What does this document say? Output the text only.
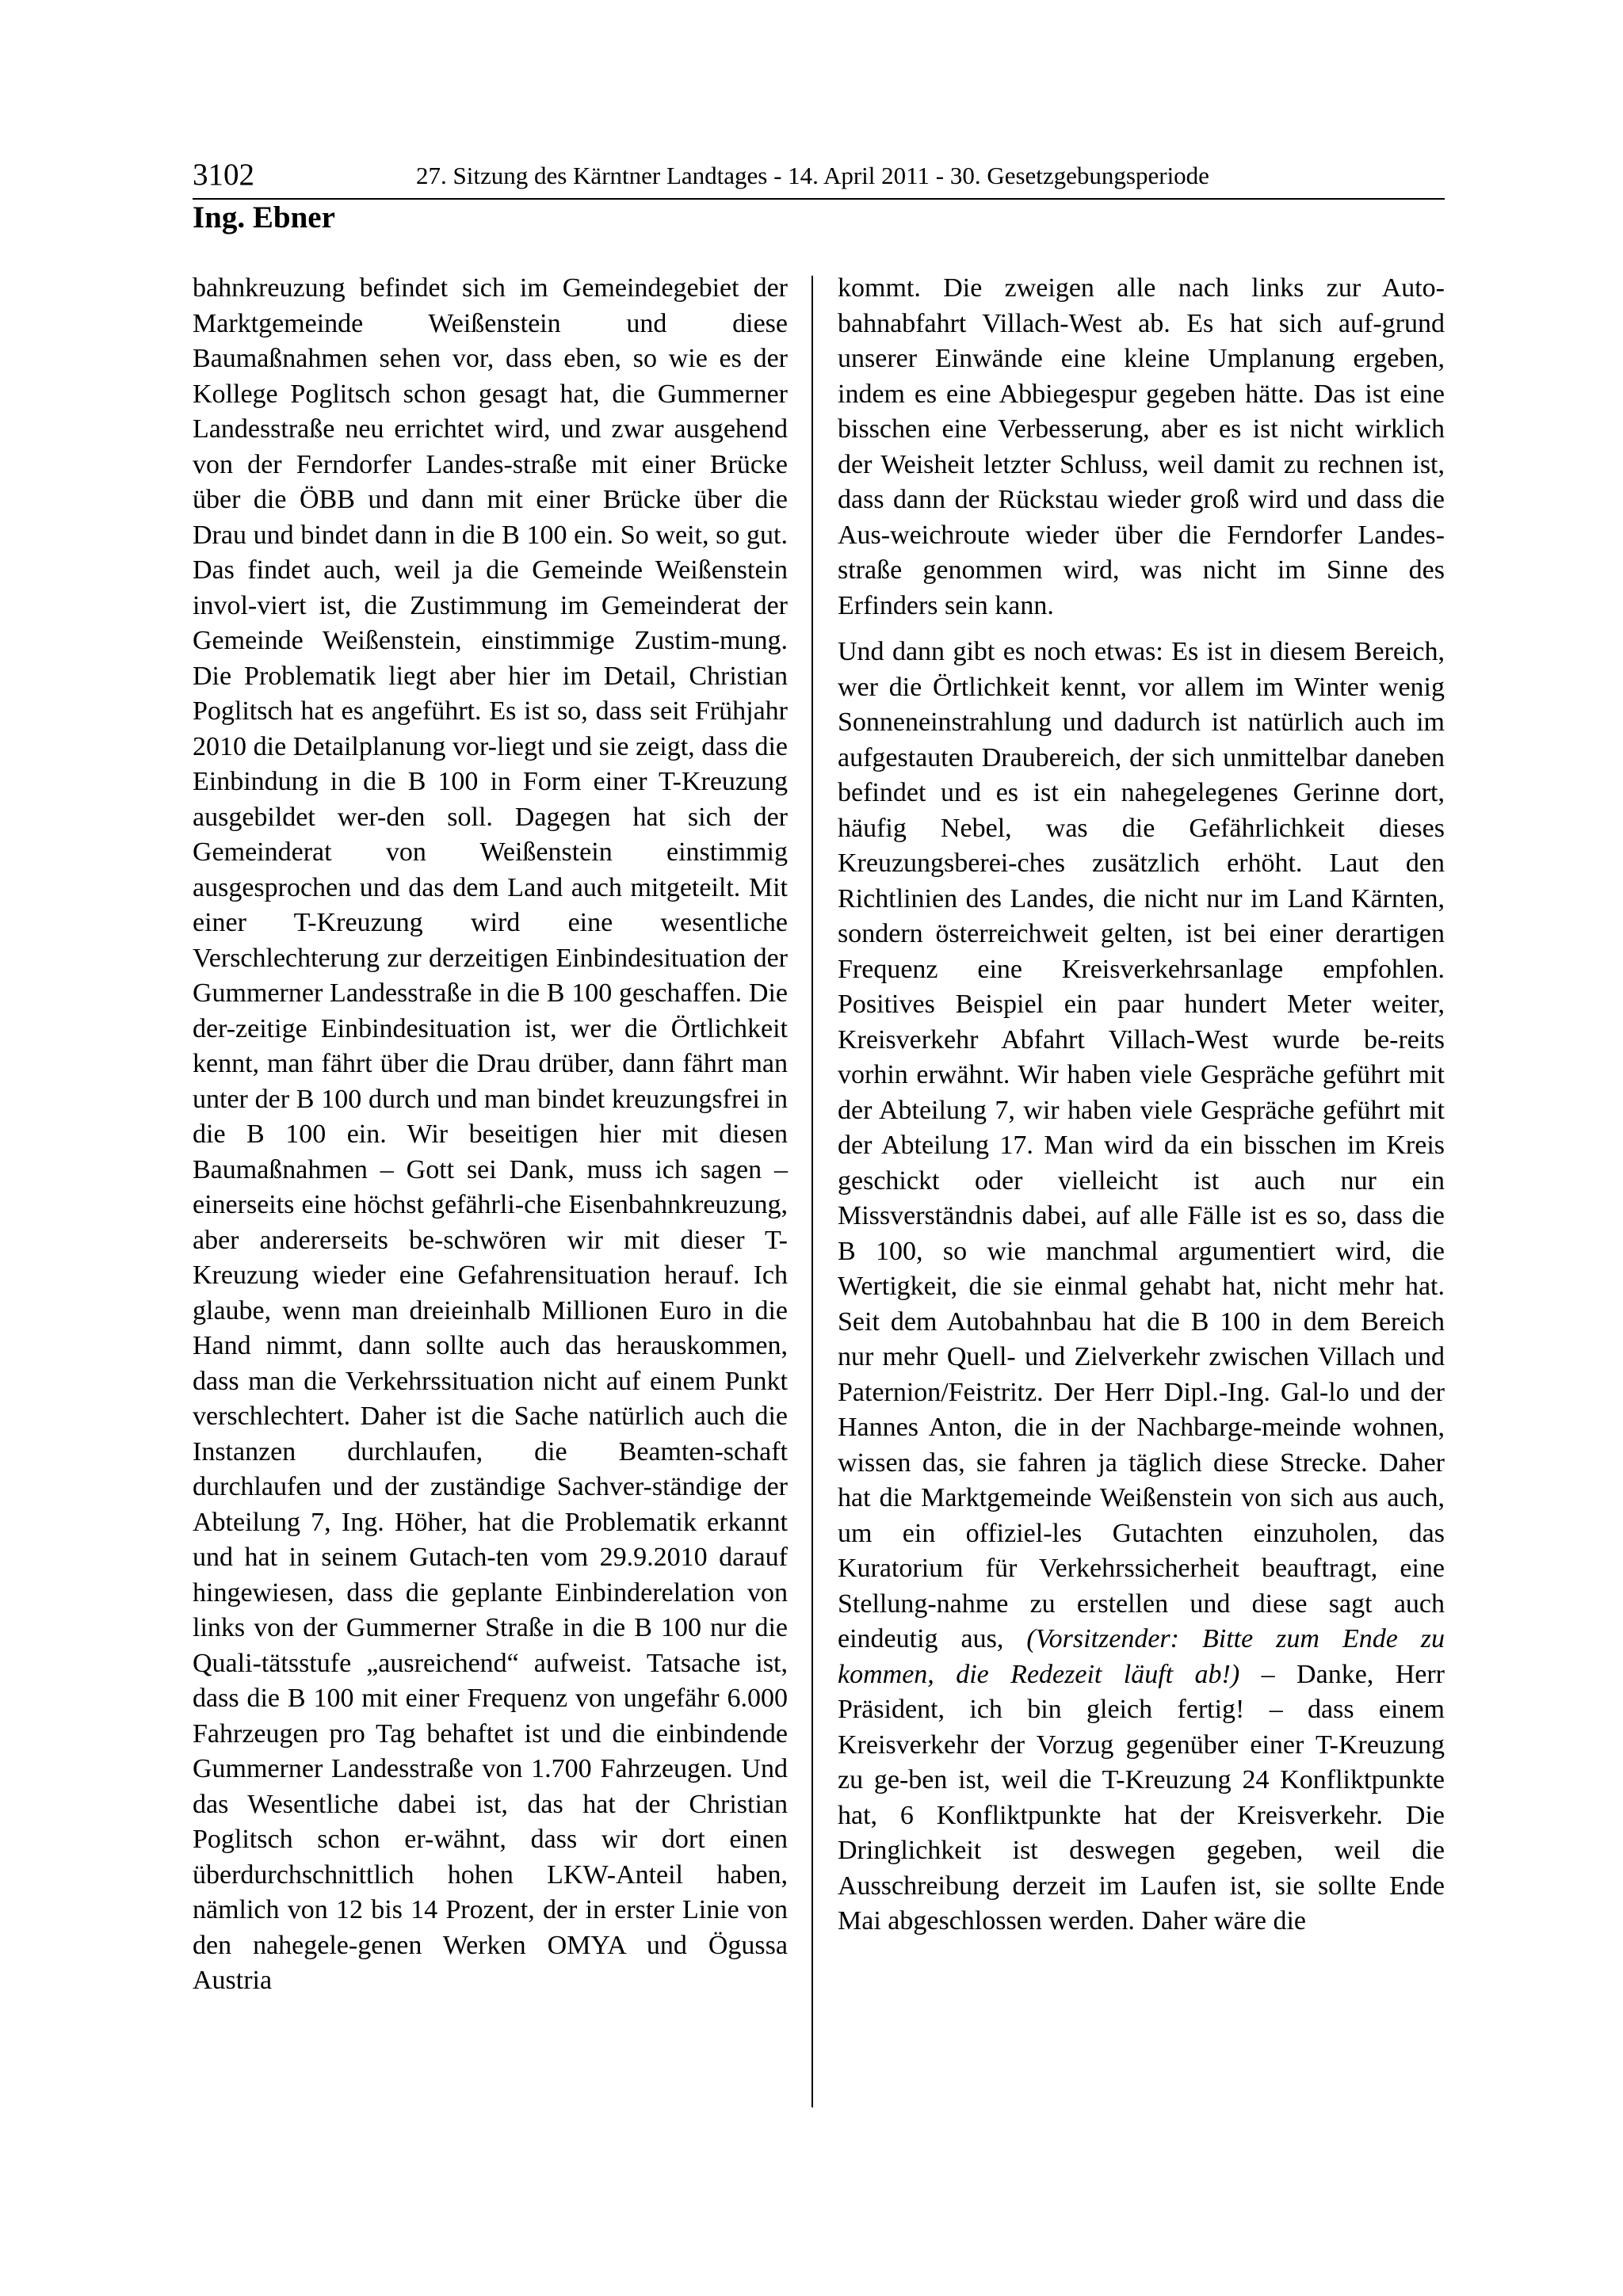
3102	27. Sitzung des Kärntner Landtages - 14. April 2011 - 30. Gesetzgebungsperiode
Ing. Ebner

bahnkreuzung befindet sich im Gemeindegebiet der Marktgemeinde Weißenstein und diese Baumaßnahmen sehen vor, dass eben, so wie es der Kollege Poglitsch schon gesagt hat, die Gummerner Landesstraße neu errichtet wird, und zwar ausgehend von der Ferndorfer Landes-straße mit einer Brücke über die ÖBB und dann mit einer Brücke über die Drau und bindet dann in die B 100 ein. So weit, so gut. Das findet auch, weil ja die Gemeinde Weißenstein invol-viert ist, die Zustimmung im Gemeinderat der Gemeinde Weißenstein, einstimmige Zustim-mung. Die Problematik liegt aber hier im Detail, Christian Poglitsch hat es angeführt. Es ist so, dass seit Frühjahr 2010 die Detailplanung vor-liegt und sie zeigt, dass die Einbindung in die B 100 in Form einer T-Kreuzung ausgebildet wer-den soll. Dagegen hat sich der Gemeinderat von Weißenstein einstimmig ausgesprochen und das dem Land auch mitgeteilt. Mit einer T-Kreuzung wird eine wesentliche Verschlechterung zur derzeitigen Einbindesituation der Gummerner Landesstraße in die B 100 geschaffen. Die der-zeitige Einbindesituation ist, wer die Örtlichkeit kennt, man fährt über die Drau drüber, dann fährt man unter der B 100 durch und man bindet kreuzungsfrei in die B 100 ein. Wir beseitigen hier mit diesen Baumaßnahmen – Gott sei Dank, muss ich sagen – einerseits eine höchst gefährli-che Eisenbahnkreuzung, aber andererseits be-schwören wir mit dieser T-Kreuzung wieder eine Gefahrensituation herauf. Ich glaube, wenn man dreieinhalb Millionen Euro in die Hand nimmt, dann sollte auch das herauskommen, dass man die Verkehrssituation nicht auf einem Punkt verschlechtert. Daher ist die Sache natürlich auch die Instanzen durchlaufen, die Beamten-schaft durchlaufen und der zuständige Sachver-ständige der Abteilung 7, Ing. Höher, hat die Problematik erkannt und hat in seinem Gutach-ten vom 29.9.2010 darauf hingewiesen, dass die geplante Einbinderelation von links von der Gummerner Straße in die B 100 nur die Quali-tätsstufe „ausreichend“ aufweist. Tatsache ist, dass die B 100 mit einer Frequenz von ungefähr 6.000 Fahrzeugen pro Tag behaftet ist und die einbindende Gummerner Landesstraße von 1.700 Fahrzeugen. Und das Wesentliche dabei ist, das hat der Christian Poglitsch schon er-wähnt, dass wir dort einen überdurchschnittlich hohen LKW-Anteil haben, nämlich von 12 bis 14 Prozent, der in erster Linie von den nahegele-genen Werken OMYA und Ögussa Austria

kommt. Die zweigen alle nach links zur Auto-bahnabfahrt Villach-West ab. Es hat sich auf-grund unserer Einwände eine kleine Umplanung ergeben, indem es eine Abbiegespur gegeben hätte. Das ist eine bisschen eine Verbesserung, aber es ist nicht wirklich der Weisheit letzter Schluss, weil damit zu rechnen ist, dass dann der Rückstau wieder groß wird und dass die Aus-weichroute wieder über die Ferndorfer Landes-straße genommen wird, was nicht im Sinne des Erfinders sein kann.

Und dann gibt es noch etwas: Es ist in diesem Bereich, wer die Örtlichkeit kennt, vor allem im Winter wenig Sonneneinstrahlung und dadurch ist natürlich auch im aufgestauten Draubereich, der sich unmittelbar daneben befindet und es ist ein nahegelegenes Gerinne dort, häufig Nebel, was die Gefährlichkeit dieses Kreuzungsberei-ches zusätzlich erhöht. Laut den Richtlinien des Landes, die nicht nur im Land Kärnten, sondern österreichweit gelten, ist bei einer derartigen Frequenz eine Kreisverkehrsanlage empfohlen. Positives Beispiel ein paar hundert Meter weiter, Kreisverkehr Abfahrt Villach-West wurde be-reits vorhin erwähnt. Wir haben viele Gespräche geführt mit der Abteilung 7, wir haben viele Gespräche geführt mit der Abteilung 17. Man wird da ein bisschen im Kreis geschickt oder vielleicht ist auch nur ein Missverständnis dabei, auf alle Fälle ist es so, dass die B 100, so wie manchmal argumentiert wird, die Wertigkeit, die sie einmal gehabt hat, nicht mehr hat. Seit dem Autobahnbau hat die B 100 in dem Bereich nur mehr Quell- und Zielverkehr zwischen Villach und Paternion/Feistritz. Der Herr Dipl.-Ing. Gal-lo und der Hannes Anton, die in der Nachbarge-meinde wohnen, wissen das, sie fahren ja täglich diese Strecke. Daher hat die Marktgemeinde Weißenstein von sich aus auch, um ein offiziel-les Gutachten einzuholen, das Kuratorium für Verkehrssicherheit beauftragt, eine Stellung-nahme zu erstellen und diese sagt auch eindeutig aus, (Vorsitzender: Bitte zum Ende zu kommen, die Redezeit läuft ab!) – Danke, Herr Präsident, ich bin gleich fertig! – dass einem Kreisverkehr der Vorzug gegenüber einer T-Kreuzung zu ge-ben ist, weil die T-Kreuzung 24 Konfliktpunkte hat, 6 Konfliktpunkte hat der Kreisverkehr. Die Dringlichkeit ist deswegen gegeben, weil die Ausschreibung derzeit im Laufen ist, sie sollte Ende Mai abgeschlossen werden. Daher wäre die
